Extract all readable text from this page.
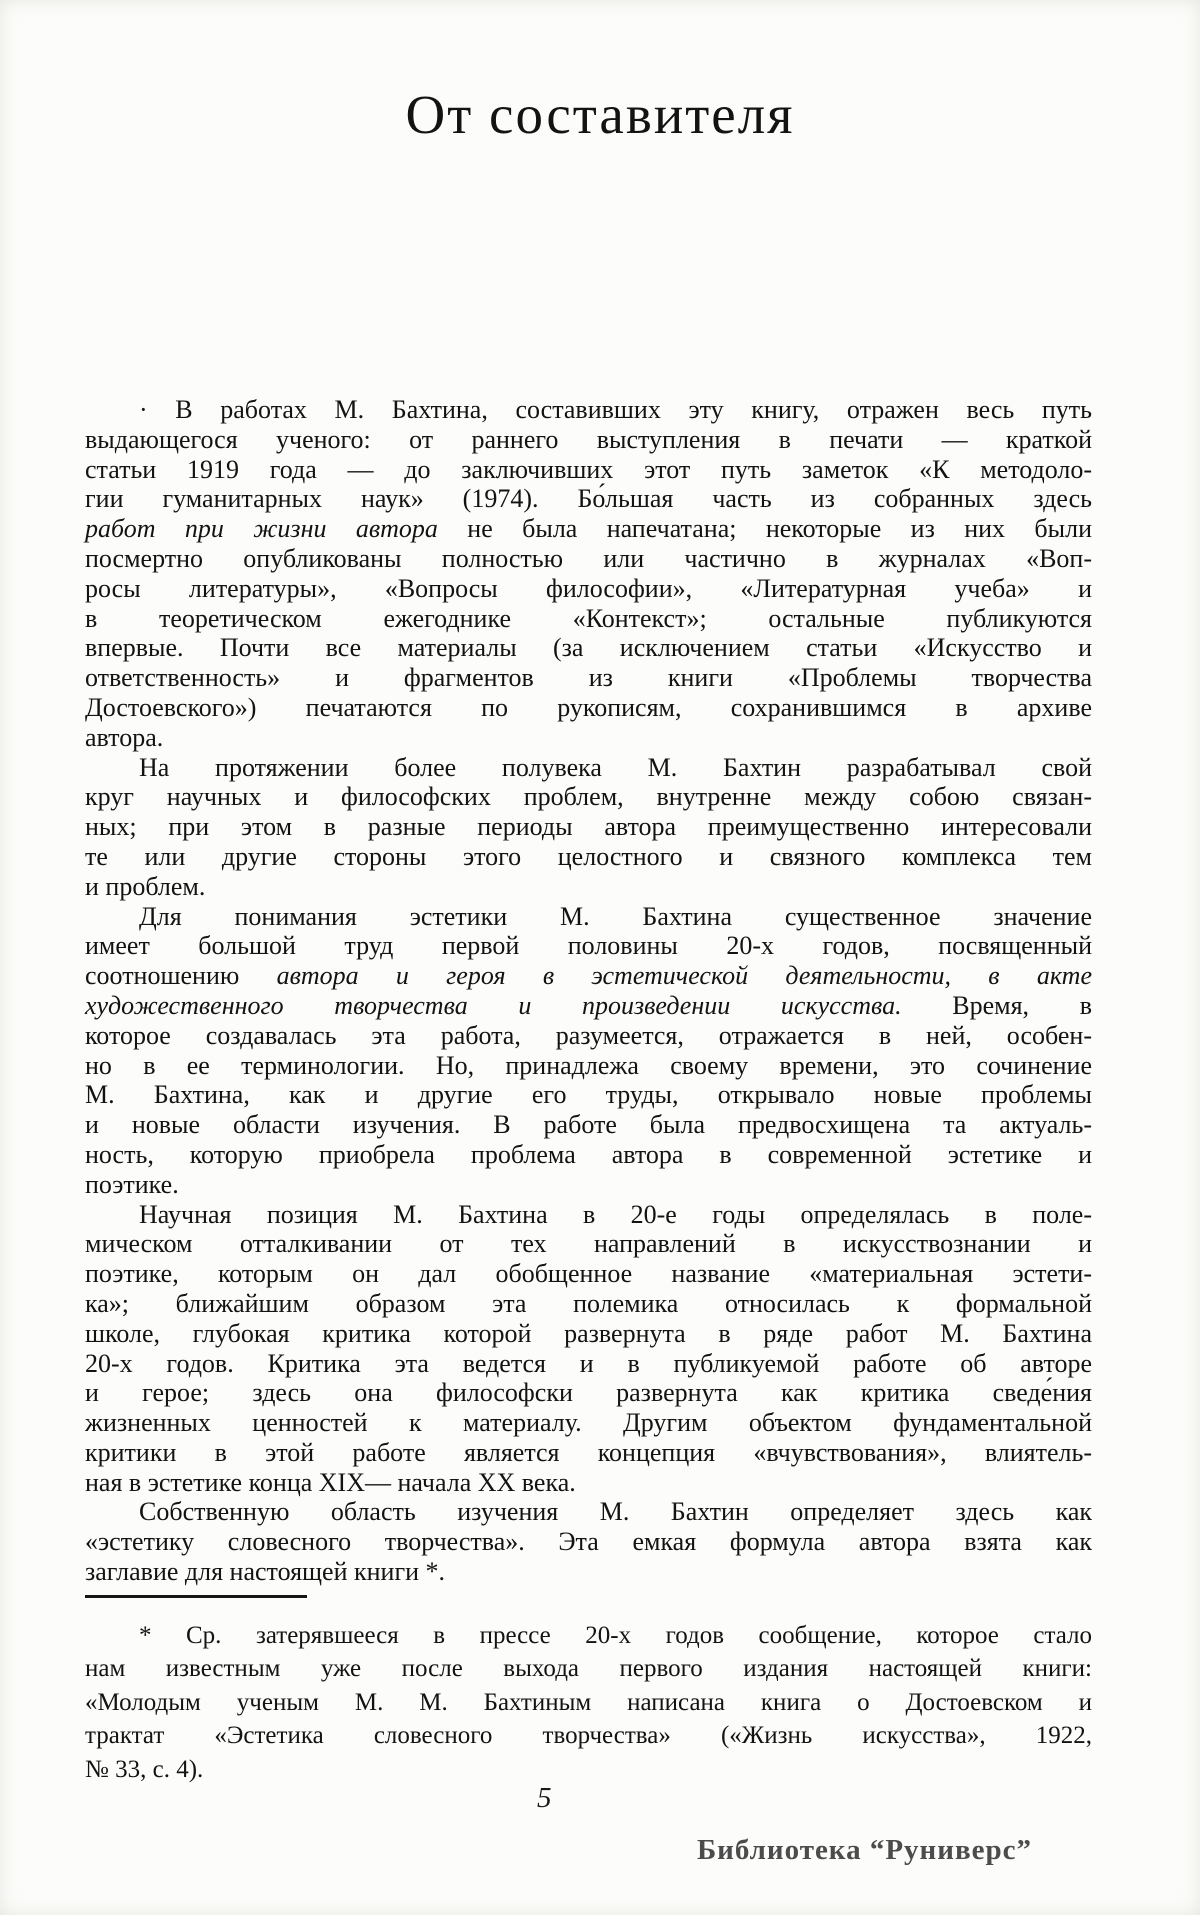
От составителя
· В работах М. Бахтина, составивших эту книгу, отражен весь путь
выдающегося ученого: от раннего выступления в печати — краткой
статьи 1919 года — до заключивших этот путь заметок «К методоло-
гии гуманитарных наук» (1974). Бо́льшая часть из собранных здесь
работ при жизни автора не была напечатана; некоторые из них были
посмертно опубликованы полностью или частично в журналах «Воп-
росы литературы», «Вопросы философии», «Литературная учеба» и
в теоретическом ежегоднике «Контекст»; остальные публикуются
впервые. Почти все материалы (за исключением статьи «Искусство и
ответственность» и фрагментов из книги «Проблемы творчества
Достоевского») печатаются по рукописям, сохранившимся в архиве
автора.
На протяжении более полувека М. Бахтин разрабатывал свой
круг научных и философских проблем, внутренне между собою связан-
ных; при этом в разные периоды автора преимущественно интересовали
те или другие стороны этого целостного и связного комплекса тем
и проблем.
Для понимания эстетики М. Бахтина существенное значение
имеет большой труд первой половины 20-х годов, посвященный
соотношению автора и героя в эстетической деятельности, в акте
художественного творчества и произведении искусства. Время, в
которое создавалась эта работа, разумеется, отражается в ней, особен-
но в ее терминологии. Но, принадлежа своему времени, это сочинение
М. Бахтина, как и другие его труды, открывало новые проблемы
и новые области изучения. В работе была предвосхищена та актуаль-
ность, которую приобрела проблема автора в современной эстетике и
поэтике.
Научная позиция М. Бахтина в 20-е годы определялась в поле-
мическом отталкивании от тех направлений в искусствознании и
поэтике, которым он дал обобщенное название «материальная эстети-
ка»; ближайшим образом эта полемика относилась к формальной
школе, глубокая критика которой развернута в ряде работ М. Бахтина
20-х годов. Критика эта ведется и в публикуемой работе об авторе
и герое; здесь она философски развернута как критика сведе́ния
жизненных ценностей к материалу. Другим объектом фундаментальной
критики в этой работе является концепция «вчувствования», влиятель-
ная в эстетике конца XIX— начала XX века.
Собственную область изучения М. Бахтин определяет здесь как
«эстетику словесного творчества». Эта емкая формула автора взята как
заглавие для настоящей книги *.
* Ср. затерявшееся в прессе 20-х годов сообщение, которое стало
нам известным уже после выхода первого издания настоящей книги:
«Молодым ученым М. М. Бахтиным написана книга о Достоевском и
трактат «Эстетика словесного творчества» («Жизнь искусства», 1922,
№ 33, с. 4).
5
Библиотека “Руниверс”
